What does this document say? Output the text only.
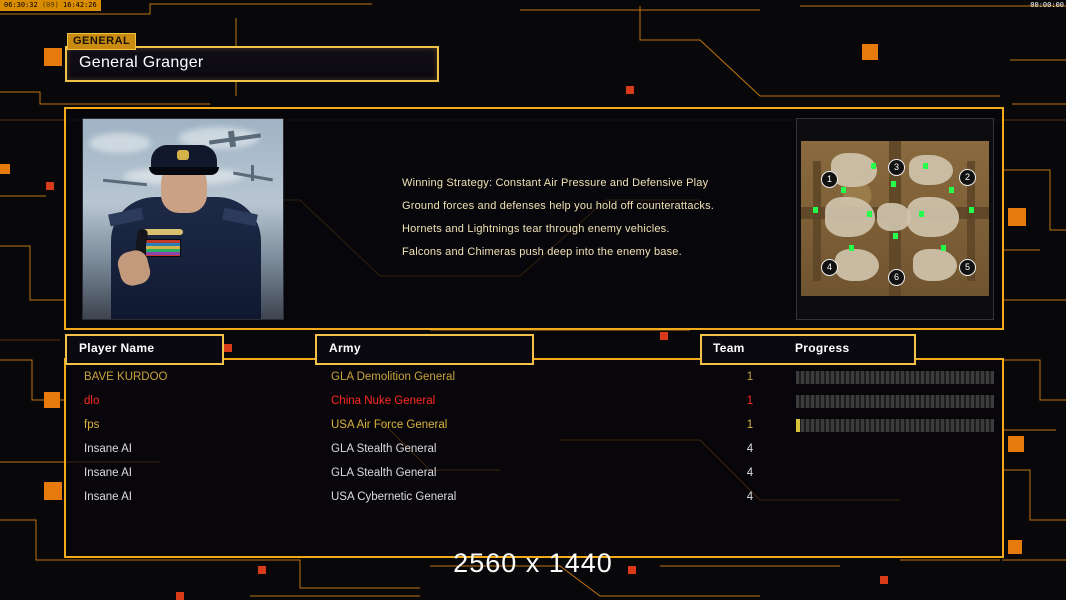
06:30:32 (09) 16:42:26	00:00:00
GENERAL
General Granger
Winning Strategy: Constant Air Pressure and Defensive Play
Ground forces and defenses help you hold off counterattacks.
Hornets and Lightnings tear through enemy vehicles.
Falcons and Chimeras push deep into the enemy base.
1
3
2
4
6
5
Player Name	Army	Team	Progress
BAVE KURDOO	GLA Demolition General	1
dlo	China Nuke General	1
fps	USA Air Force General	1
Insane AI	GLA Stealth General	4
Insane AI	GLA Stealth General	4
Insane AI	USA Cybernetic General	4
2560 x 1440
